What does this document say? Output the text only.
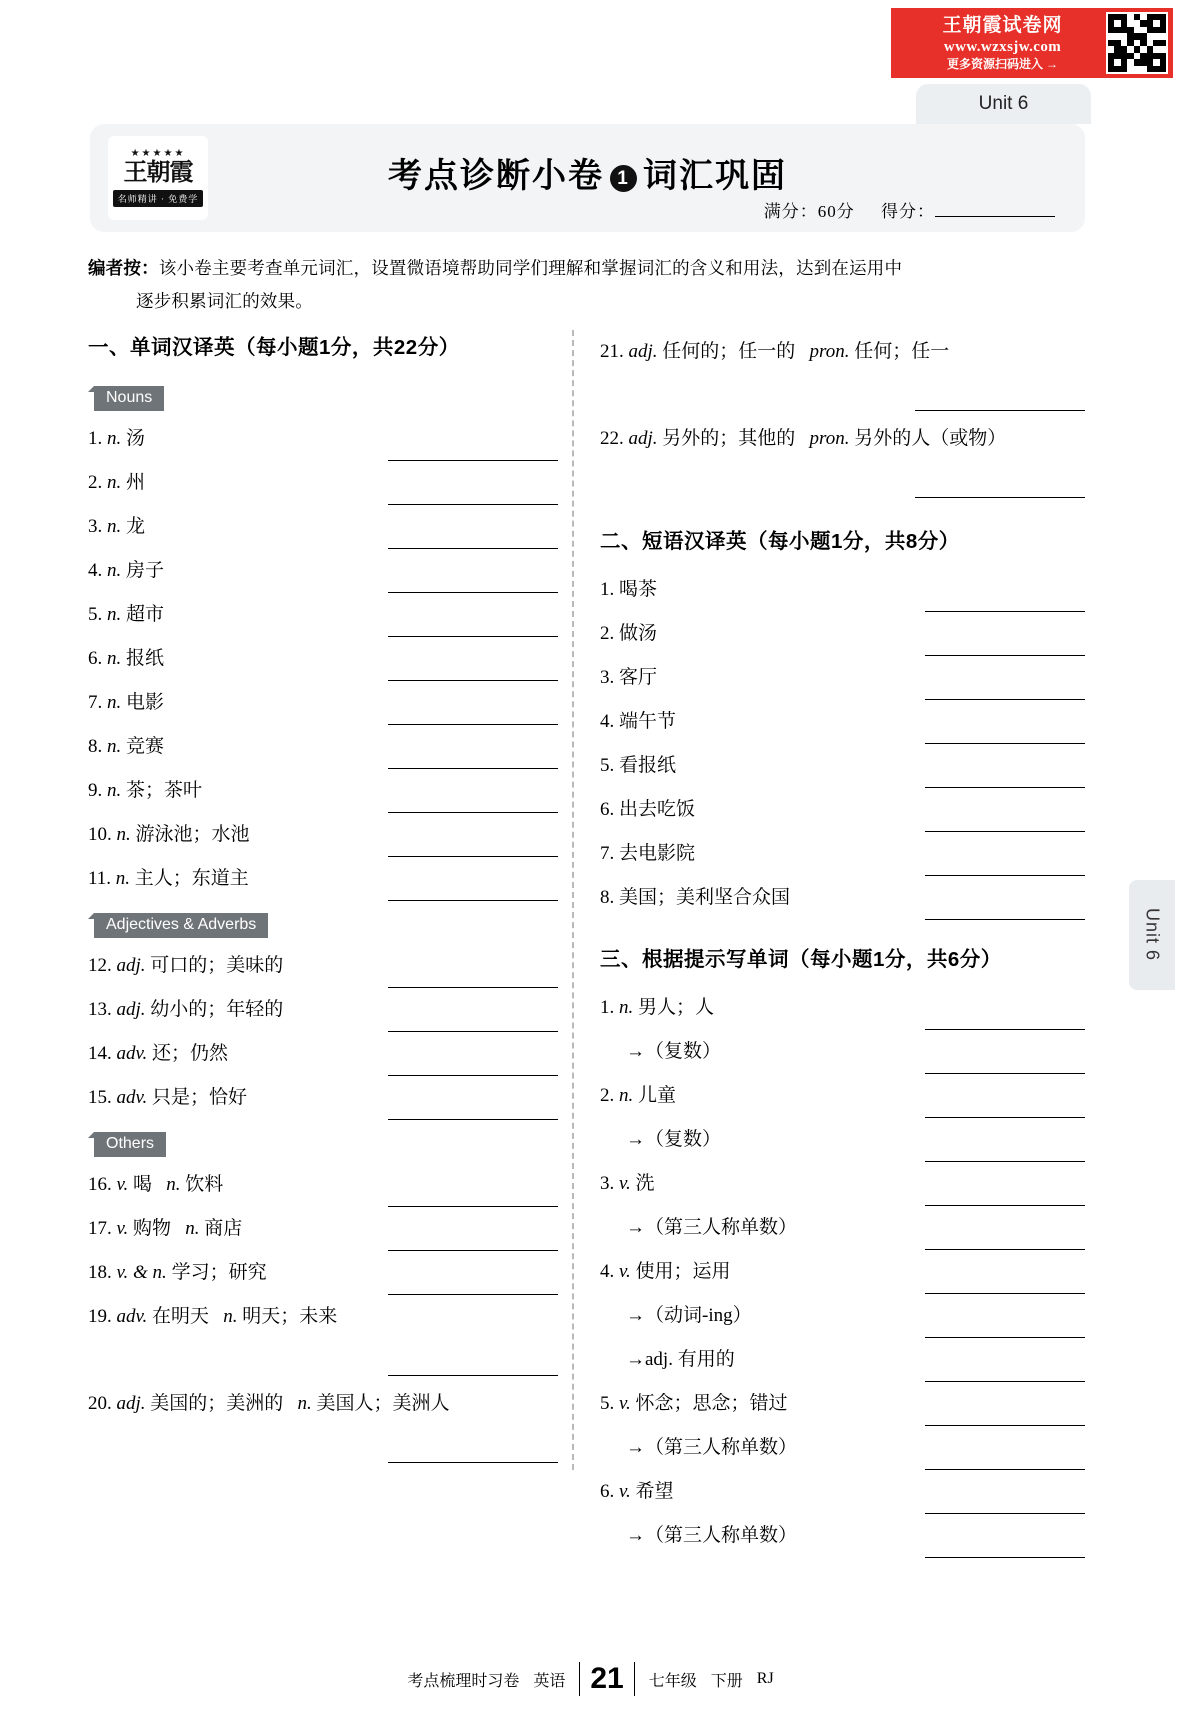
王朝霞试卷网
www.wzxsjw.com
更多资源扫码进入 →
Unit 6
Unit 6
★★★★★
王朝霞
名师精讲 · 免费学
考点诊断小卷 1 词汇巩固
满分：60分 得分：
编者按：该小卷主要考查单元词汇，设置微语境帮助同学们理解和掌握词汇的含义和用法，达到在运用中
逐步积累词汇的效果。
一、单词汉译英（每小题1分，共22分）
Nouns
1.
n.
汤
2.
n.
州
3.
n.
龙
4.
n.
房子
5.
n.
超市
6.
n.
报纸
7.
n.
电影
8.
n.
竞赛
9.
n.
茶；茶叶
10.
n.
游泳池；水池
11.
n.
主人；东道主
Adjectives & Adverbs
12.
adj.
可口的；美味的
13.
adj.
幼小的；年轻的
14.
adv.
还；仍然
15.
adv.
只是；恰好
Others
16.
v.
喝
n.
饮料
17.
v.
购物
n.
商店
18.
v. & n.
学习；研究
19.
adv.
在明天
n.
明天；未来
20.
adj.
美国的；美洲的
n.
美国人；美洲人
21.
adj.
任何的；任一的
pron.
任何；任一
22.
adj.
另外的；其他的
pron.
另外的人（或物）
二、短语汉译英（每小题1分，共8分）
1.
喝茶
2.
做汤
3.
客厅
4.
端午节
5.
看报纸
6.
出去吃饭
7.
去电影院
8.
美国；美利坚合众国
三、根据提示写单词（每小题1分，共6分）
1.
n.
男人；人
→（复数）
2.
n.
儿童
→（复数）
3.
v.
洗
→（第三人称单数）
4.
v.
使用；运用
→（动词-ing）
→adj. 有用的
5.
v.
怀念；思念；错过
→（第三人称单数）
6.
v.
希望
→（第三人称单数）
考点梳理时习卷 英语 21	七年级 下册 RJ
